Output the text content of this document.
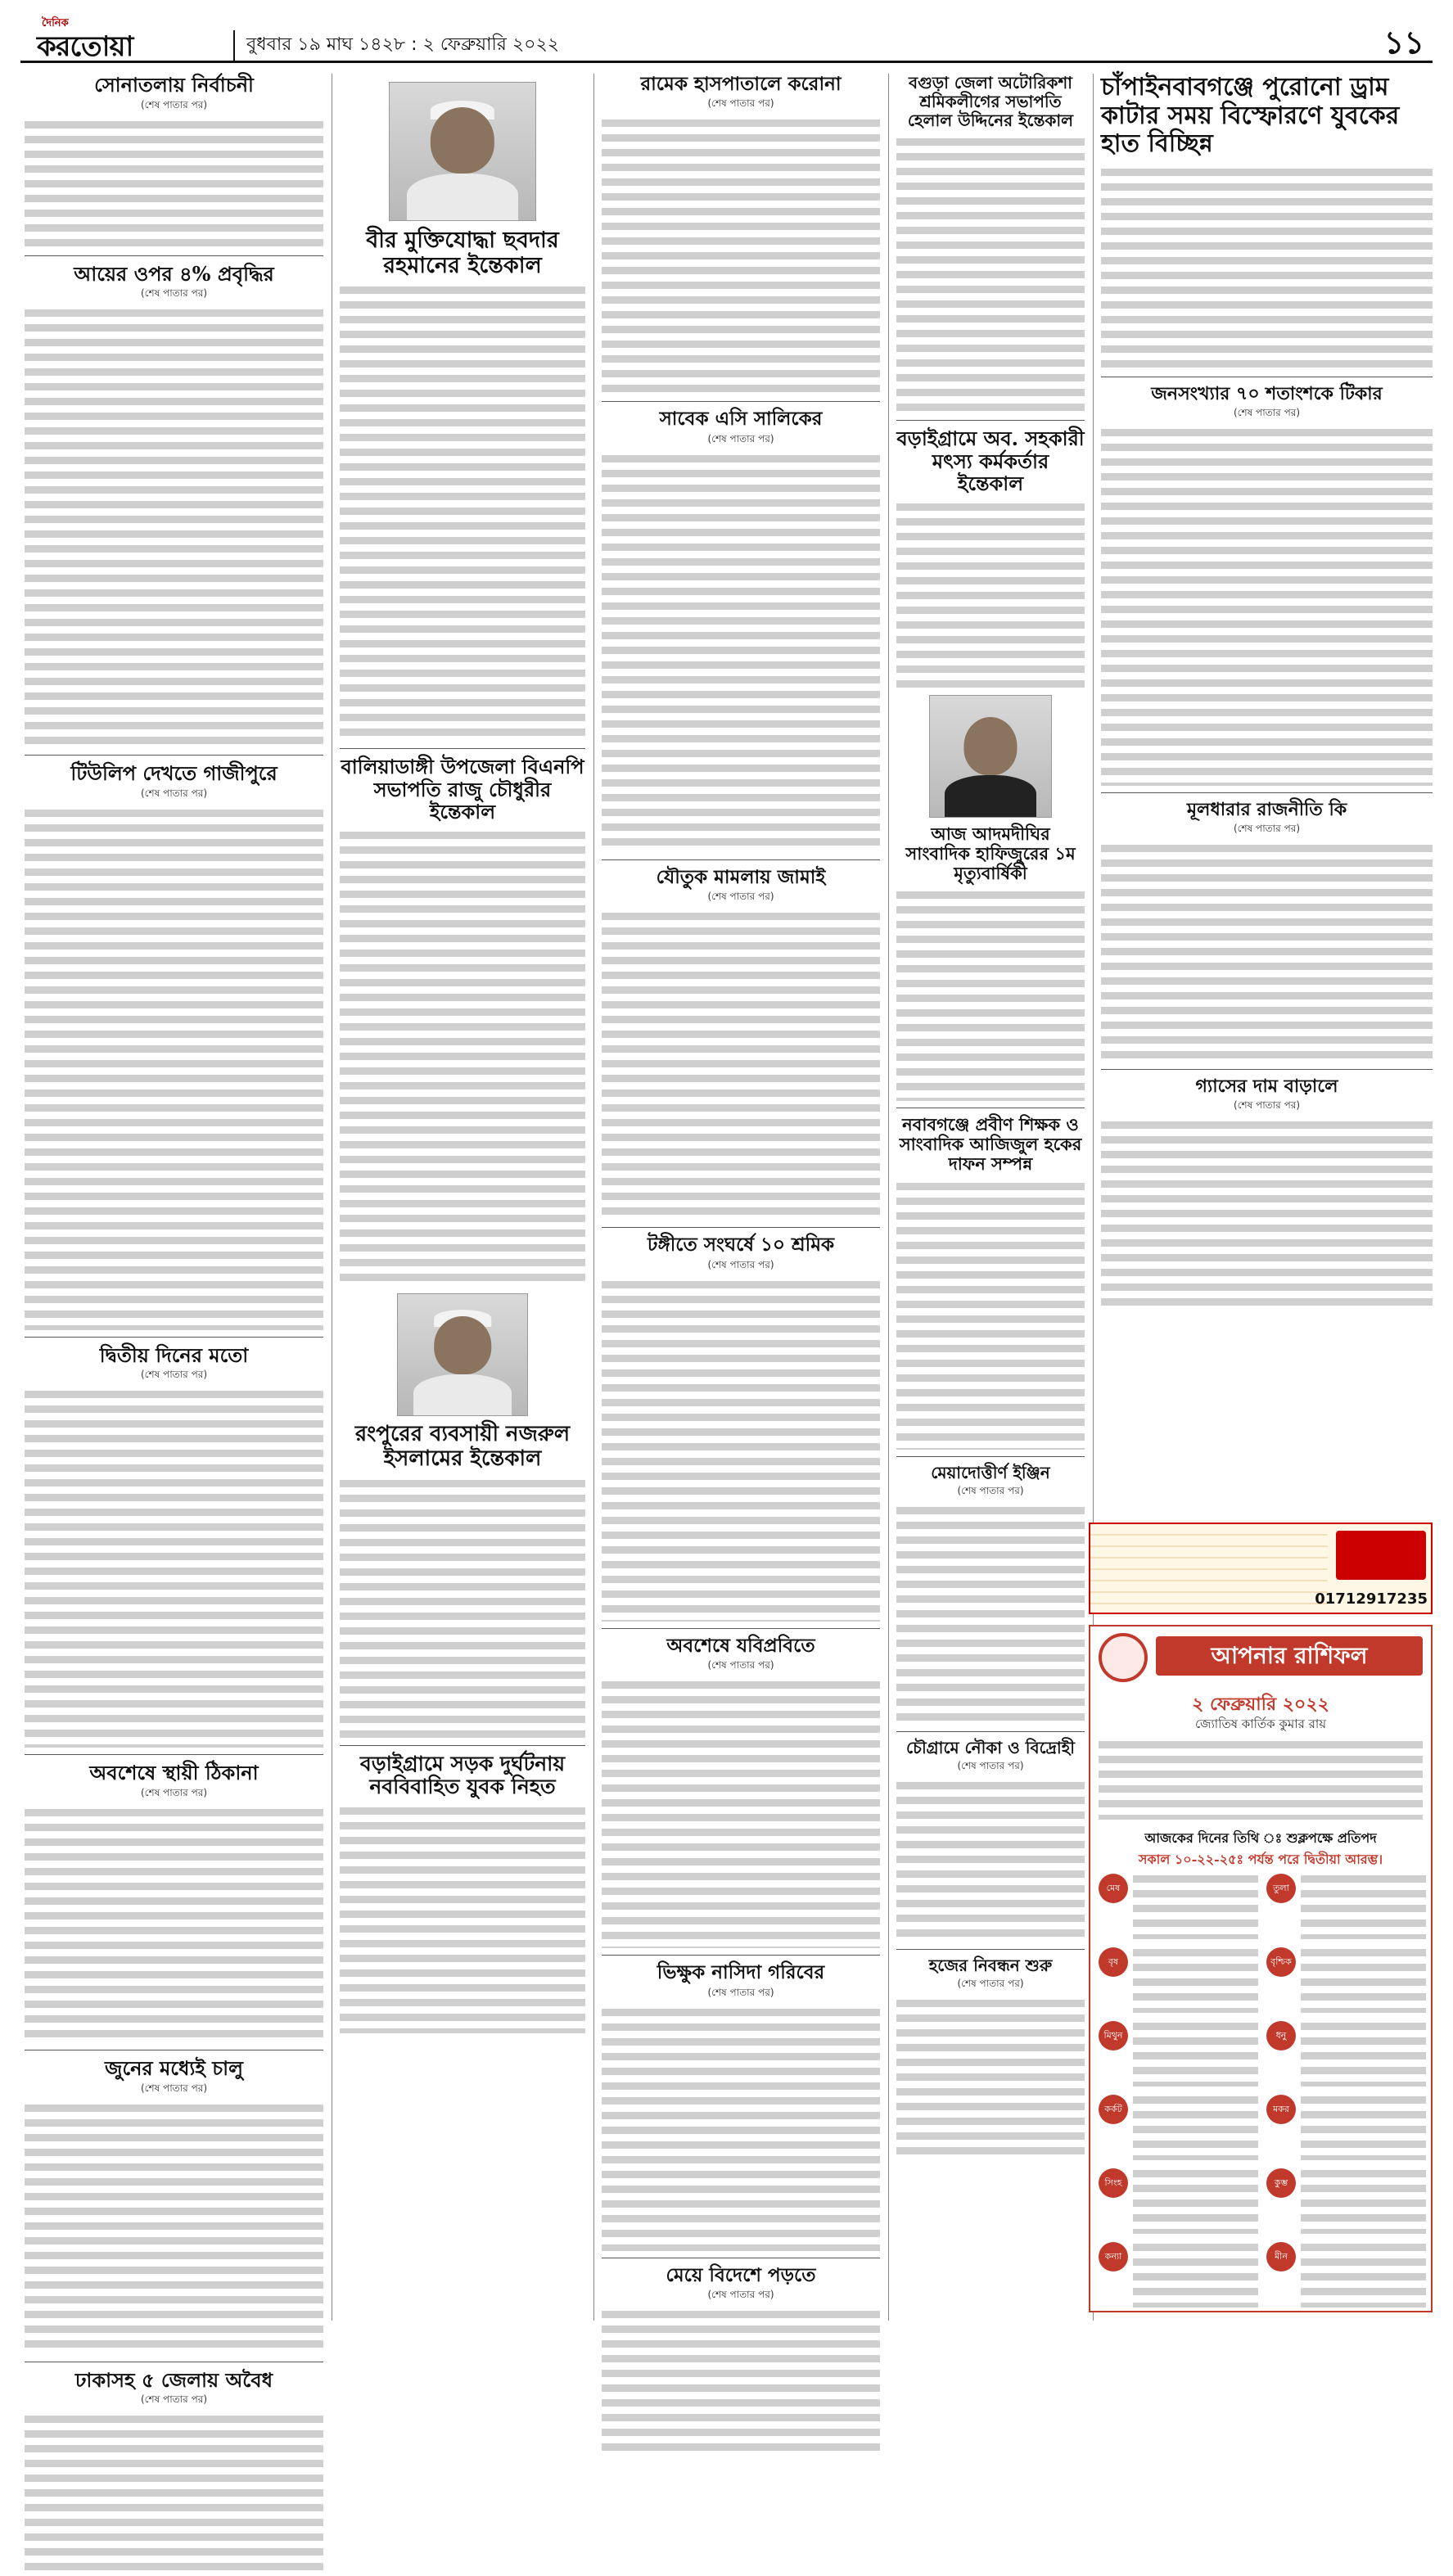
দৈনিক
করতোয়া	বুধবার ১৯ মাঘ ১৪২৮ : ২ ফেব্রুয়ারি ২০২২	১১
সোনাতলায় নির্বাচনী
(শেষ পাতার পর)
আয়ের ওপর ৪% প্রবৃদ্ধির
(শেষ পাতার পর)
টিউলিপ দেখতে গাজীপুরে
(শেষ পাতার পর)
দ্বিতীয় দিনের মতো
(শেষ পাতার পর)
অবশেষে স্থায়ী ঠিকানা
(শেষ পাতার পর)
জুনের মধ্যেই চালু
(শেষ পাতার পর)
ঢাকাসহ ৫ জেলায় অবৈধ
(শেষ পাতার পর)
বীর মুক্তিযোদ্ধা ছবদার রহমানের ইন্তেকাল
বালিয়াডাঙ্গী উপজেলা বিএনপি সভাপতি রাজু চৌধুরীর ইন্তেকাল
রংপুরের ব্যবসায়ী নজরুল ইসলামের ইন্তেকাল
বড়াইগ্রামে সড়ক দুর্ঘটনায় নববিবাহিত যুবক নিহত
রামেক হাসপাতালে করোনা
(শেষ পাতার পর)
সাবেক এসি সালিকের
(শেষ পাতার পর)
যৌতুক মামলায় জামাই
(শেষ পাতার পর)
টঙ্গীতে সংঘর্ষে ১০ শ্রমিক
(শেষ পাতার পর)
অবশেষে যবিপ্রবিতে
(শেষ পাতার পর)
ভিক্ষুক নাসিদা গরিবের
(শেষ পাতার পর)
মেয়ে বিদেশে পড়তে
(শেষ পাতার পর)
বগুড়া জেলা অটোরিকশা শ্রমিকলীগের সভাপতি হেলাল উদ্দিনের ইন্তেকাল
বড়াইগ্রামে অব. সহকারী মৎস্য কর্মকর্তার ইন্তেকাল
আজ আদমদীঘির সাংবাদিক হাফিজুরের ১ম মৃত্যুবার্ষিকী
নবাবগঞ্জে প্রবীণ শিক্ষক ও সাংবাদিক আজিজুল হকের দাফন সম্পন্ন
মেয়াদোত্তীর্ণ ইঞ্জিন
(শেষ পাতার পর)
চৌগ্রামে নৌকা ও বিদ্রোহী
(শেষ পাতার পর)
হজের নিবন্ধন শুরু
(শেষ পাতার পর)
চাঁপাইনবাবগঞ্জে পুরোনো ড্রাম কাটার সময় বিস্ফোরণে যুবকের হাত বিচ্ছিন্ন
জনসংখ্যার ৭০ শতাংশকে টিকার
(শেষ পাতার পর)
মূলধারার রাজনীতি কি
(শেষ পাতার পর)
গ্যাসের দাম বাড়ালে
(শেষ পাতার পর)
01712917235
আপনার রাশিফল
২ ফেব্রুয়ারি ২০২২
জ্যোতিষ কার্তিক কুমার রায়
আজকের দিনের তিথি ঃ শুক্লপক্ষে প্রতিপদ
সকাল ১০-২২-২৫ঃ পর্যন্ত পরে দ্বিতীয়া আরম্ভ।
মেষ
বৃষ
মিথুন
কর্কট
সিংহ
কন্যা
তুলা
বৃশ্চিক
ধনু
মকর
কুম্ভ
মীন
